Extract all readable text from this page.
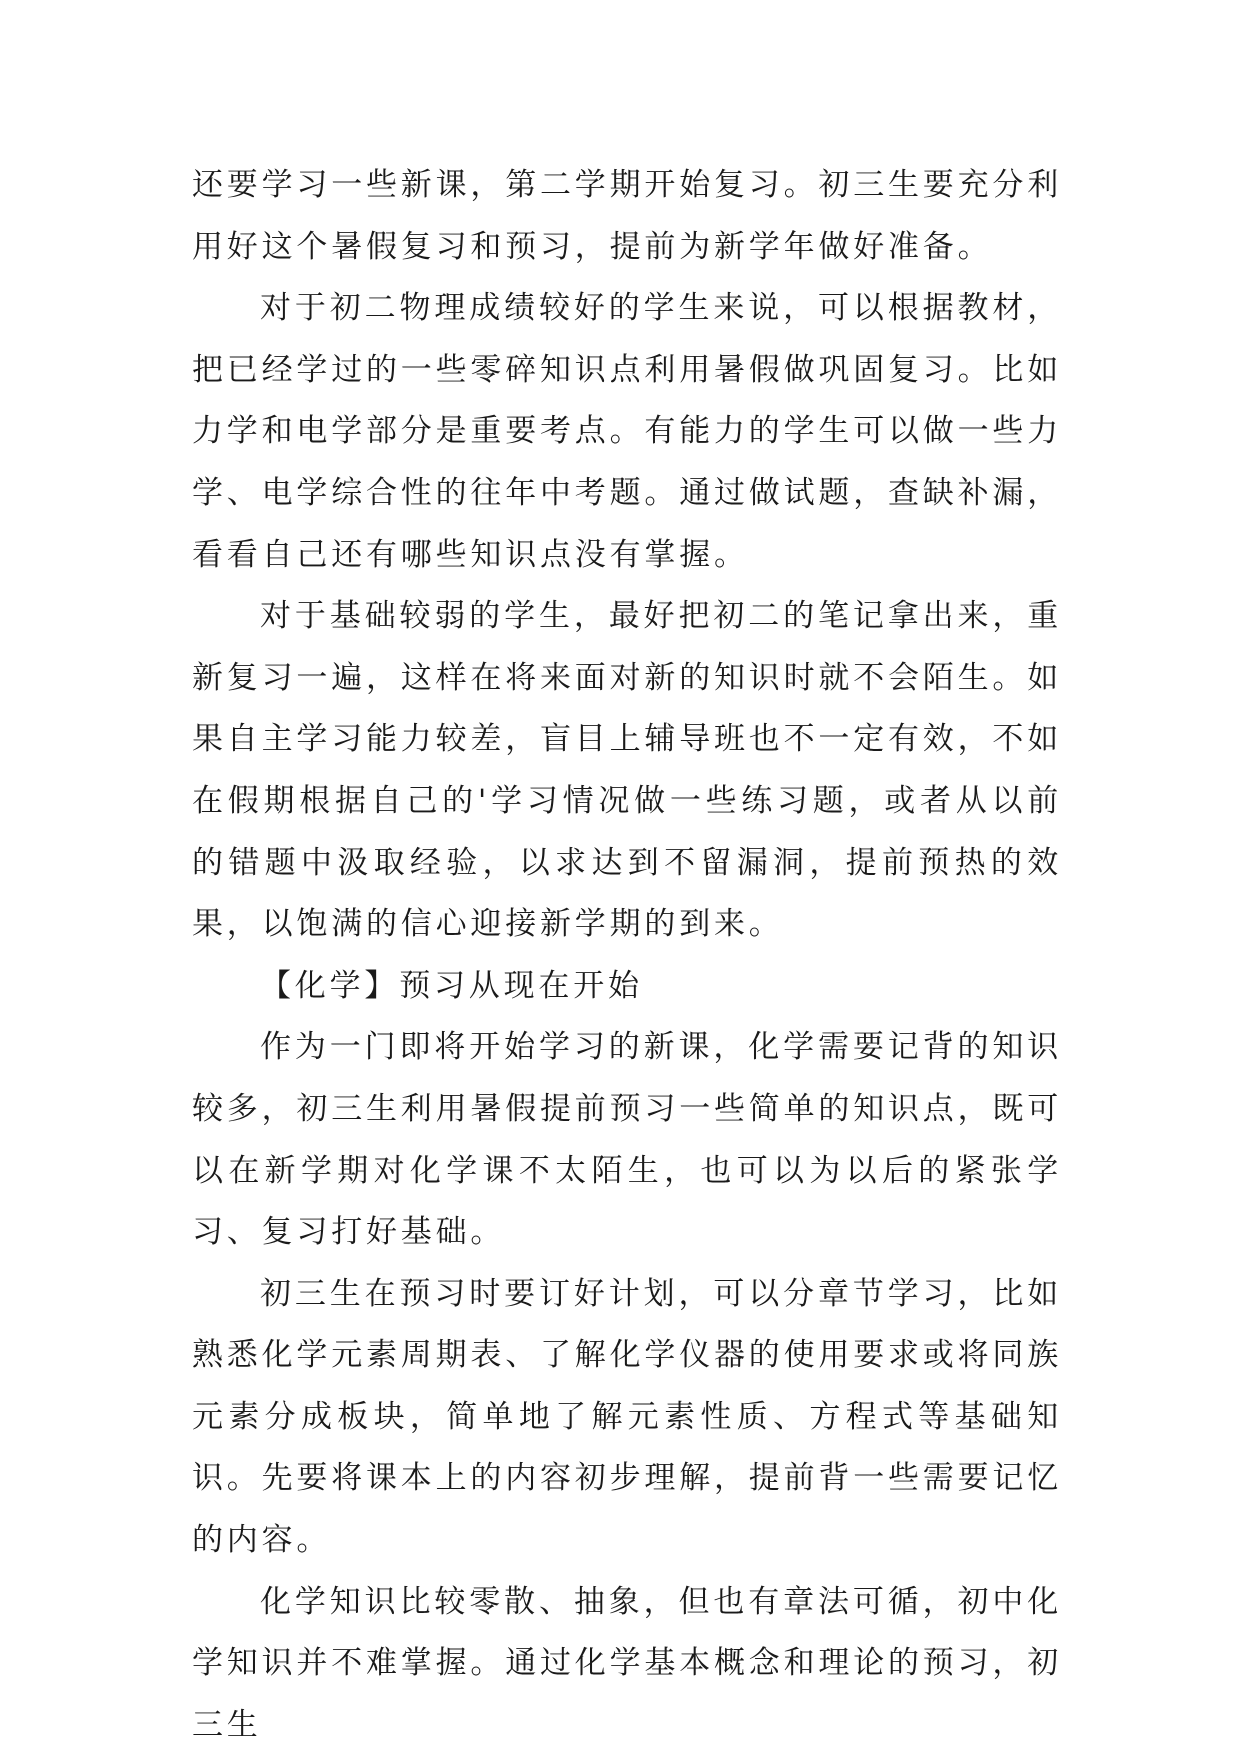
还要学习一些新课，第二学期开始复习。初三生要充分利用好这个暑假复习和预习，提前为新学年做好准备。

对于初二物理成绩较好的学生来说，可以根据教材，把已经学过的一些零碎知识点利用暑假做巩固复习。比如力学和电学部分是重要考点。有能力的学生可以做一些力学、电学综合性的往年中考题。通过做试题，查缺补漏，看看自己还有哪些知识点没有掌握。

对于基础较弱的学生，最好把初二的笔记拿出来，重新复习一遍，这样在将来面对新的知识时就不会陌生。如果自主学习能力较差，盲目上辅导班也不一定有效，不如在假期根据自己的'学习情况做一些练习题，或者从以前的错题中汲取经验，以求达到不留漏洞，提前预热的效果，以饱满的信心迎接新学期的到来。

【化学】预习从现在开始

作为一门即将开始学习的新课，化学需要记背的知识较多，初三生利用暑假提前预习一些简单的知识点，既可以在新学期对化学课不太陌生，也可以为以后的紧张学习、复习打好基础。

初三生在预习时要订好计划，可以分章节学习，比如熟悉化学元素周期表、了解化学仪器的使用要求或将同族元素分成板块，简单地了解元素性质、方程式等基础知识。先要将课本上的内容初步理解，提前背一些需要记忆的内容。

化学知识比较零散、抽象，但也有章法可循，初中化学知识并不难掌握。通过化学基本概念和理论的预习，初三生
